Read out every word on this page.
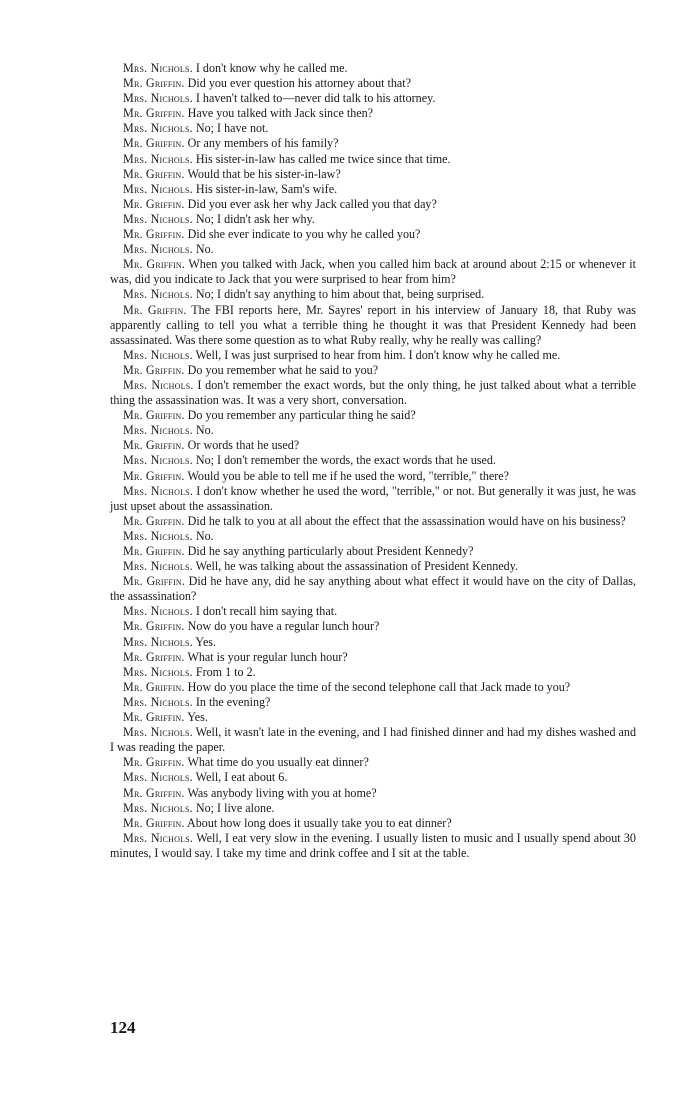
Mrs. Nichols. I don't know why he called me.

Mr. Griffin. Did you ever question his attorney about that?

Mrs. Nichols. I haven't talked to—never did talk to his attorney.

Mr. Griffin. Have you talked with Jack since then?

Mrs. Nichols. No; I have not.

Mr. Griffin. Or any members of his family?

Mrs. Nichols. His sister-in-law has called me twice since that time.

Mr. Griffin. Would that be his sister-in-law?

Mrs. Nichols. His sister-in-law, Sam's wife.

Mr. Griffin. Did you ever ask her why Jack called you that day?

Mrs. Nichols. No; I didn't ask her why.

Mr. Griffin. Did she ever indicate to you why he called you?

Mrs. Nichols. No.

Mr. Griffin. When you talked with Jack, when you called him back at around about 2:15 or whenever it was, did you indicate to Jack that you were surprised to hear from him?

Mrs. Nichols. No; I didn't say anything to him about that, being surprised.

Mr. Griffin. The FBI reports here, Mr. Sayres' report in his interview of January 18, that Ruby was apparently calling to tell you what a terrible thing he thought it was that President Kennedy had been assassinated. Was there some question as to what Ruby really, why he really was calling?

Mrs. Nichols. Well, I was just surprised to hear from him. I don't know why he called me.

Mr. Griffin. Do you remember what he said to you?

Mrs. Nichols. I don't remember the exact words, but the only thing, he just talked about what a terrible thing the assassination was. It was a very short, conversation.

Mr. Griffin. Do you remember any particular thing he said?

Mrs. Nichols. No.

Mr. Griffin. Or words that he used?

Mrs. Nichols. No; I don't remember the words, the exact words that he used.

Mr. Griffin. Would you be able to tell me if he used the word, "terrible," there?

Mrs. Nichols. I don't know whether he used the word, "terrible," or not. But generally it was just, he was just upset about the assassination.

Mr. Griffin. Did he talk to you at all about the effect that the assassination would have on his business?

Mrs. Nichols. No.

Mr. Griffin. Did he say anything particularly about President Kennedy?

Mrs. Nichols. Well, he was talking about the assassination of President Kennedy.

Mr. Griffin. Did he have any, did he say anything about what effect it would have on the city of Dallas, the assassination?

Mrs. Nichols. I don't recall him saying that.

Mr. Griffin. Now do you have a regular lunch hour?

Mrs. Nichols. Yes.

Mr. Griffin. What is your regular lunch hour?

Mrs. Nichols. From 1 to 2.

Mr. Griffin. How do you place the time of the second telephone call that Jack made to you?

Mrs. Nichols. In the evening?

Mr. Griffin. Yes.

Mrs. Nichols. Well, it wasn't late in the evening, and I had finished dinner and had my dishes washed and I was reading the paper.

Mr. Griffin. What time do you usually eat dinner?

Mrs. Nichols. Well, I eat about 6.

Mr. Griffin. Was anybody living with you at home?

Mrs. Nichols. No; I live alone.

Mr. Griffin. About how long does it usually take you to eat dinner?

Mrs. Nichols. Well, I eat very slow in the evening. I usually listen to music and I usually spend about 30 minutes, I would say. I take my time and drink coffee and I sit at the table.

124
